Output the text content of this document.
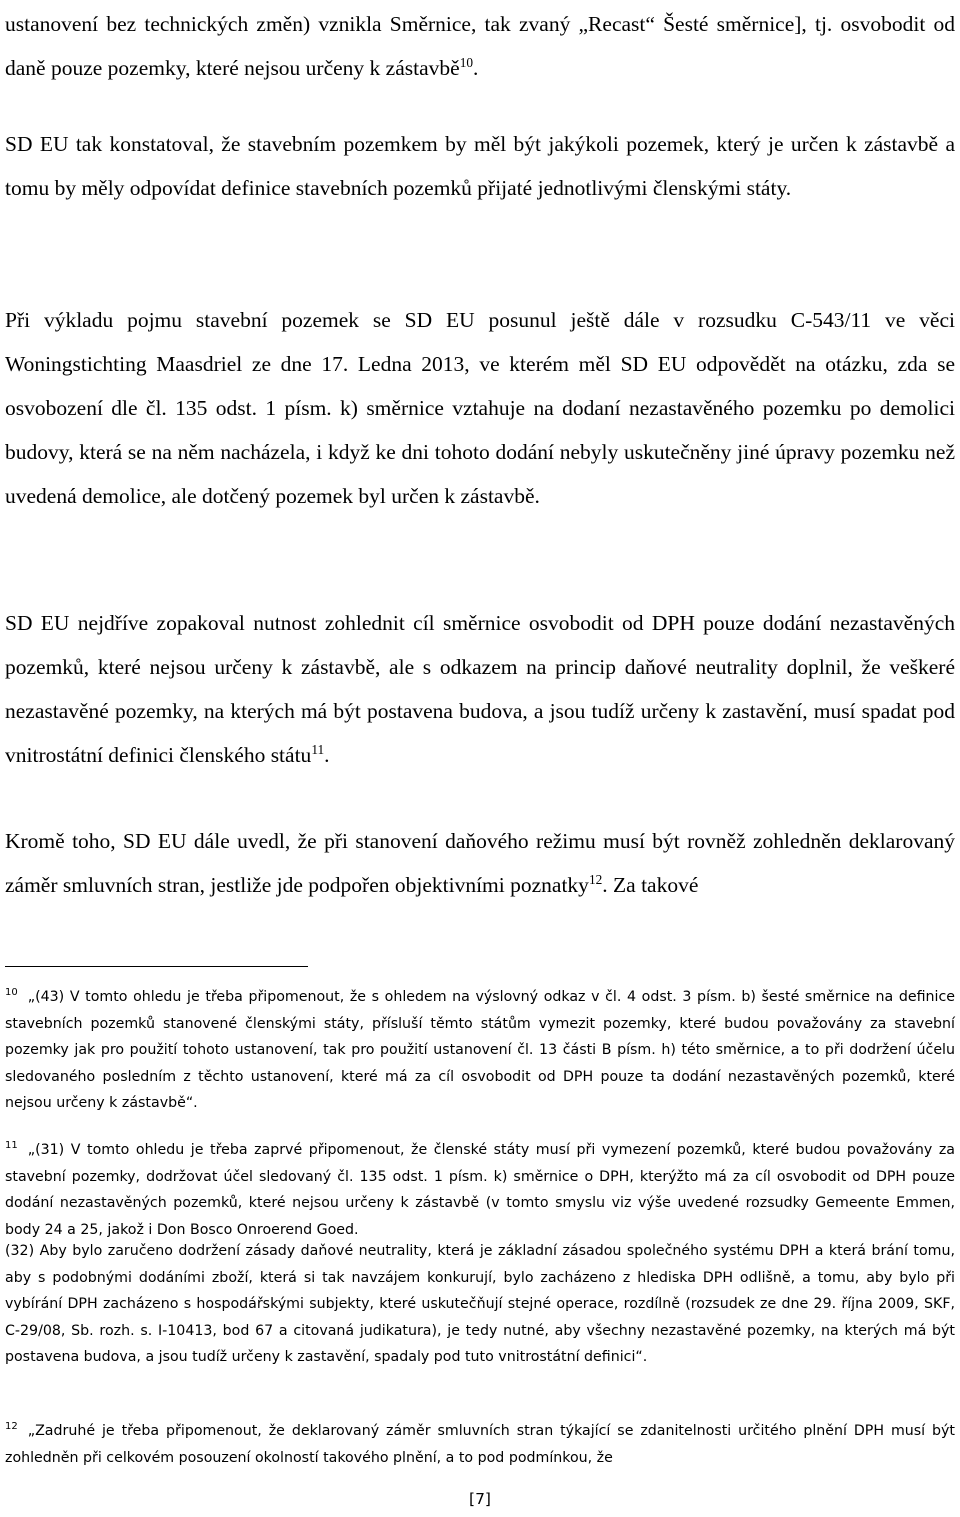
ustanovení bez technických změn) vznikla Směrnice, tak zvaný „Recast“ Šesté směrnice], tj. osvobodit od daně pouze pozemky, které nejsou určeny k zástavbě$^{10}$.

SD EU tak konstatoval, že stavebním pozemkem by měl být jakýkoli pozemek, který je určen k zástavbě a tomu by měly odpovídat definice stavebních pozemků přijaté jednotlivými členskými státy.

Při výkladu pojmu stavební pozemek se SD EU posunul ještě dále v rozsudku C-543/11 ve věci Woningstichting Maasdriel ze dne 17. Ledna 2013, ve kterém měl SD EU odpovědět na otázku, zda se osvobození dle čl. 135 odst. 1 písm. k) směrnice vztahuje na dodaní nezastavěného pozemku po demolici budovy, která se na něm nacházela, i když ke dni tohoto dodání nebyly uskutečněny jiné úpravy pozemku než uvedená demolice, ale dotčený pozemek byl určen k zástavbě.

SD EU nejdříve zopakoval nutnost zohlednit cíl směrnice osvobodit od DPH pouze dodání nezastavěných pozemků, které nejsou určeny k zástavbě, ale s odkazem na princip daňové neutrality doplnil, že veškeré nezastavěné pozemky, na kterých má být postavena budova, a jsou tudíž určeny k zastavění, musí spadat pod vnitrostátní definici členského státu$^{11}$.

Kromě toho, SD EU dále uvedl, že při stanovení daňového režimu musí být rovněž zohledněn deklarovaný záměr smluvních stran, jestliže jde podpořen objektivními poznatky$^{12}$. Za takové

$^{10}$ „(43) V tomto ohledu je třeba připomenout, že s ohledem na výslovný odkaz v čl. 4 odst. 3 písm. b) šesté směrnice na definice stavebních pozemků stanovené členskými státy, přísluší těmto státům vymezit pozemky, které budou považovány za stavební pozemky jak pro použití tohoto ustanovení, tak pro použití ustanovení čl. 13 části B písm. h) této směrnice, a to při dodržení účelu sledovaného posledním z těchto ustanovení, které má za cíl osvobodit od DPH pouze ta dodání nezastavěných pozemků, které nejsou určeny k zástavbě“.

$^{11}$ „(31) V tomto ohledu je třeba zaprvé připomenout, že členské státy musí při vymezení pozemků, které budou považovány za stavební pozemky, dodržovat účel sledovaný čl. 135 odst. 1 písm. k) směrnice o DPH, kterýžto má za cíl osvobodit od DPH pouze dodání nezastavěných pozemků, které nejsou určeny k zástavbě (v tomto smyslu viz výše uvedené rozsudky Gemeente Emmen, body 24 a 25, jakož i Don Bosco Onroerend Goed.

(32) Aby bylo zaručeno dodržení zásady daňové neutrality, která je základní zásadou společného systému DPH a která brání tomu, aby s podobnými dodáními zboží, která si tak navzájem konkurují, bylo zacházeno z hlediska DPH odlišně, a tomu, aby bylo při vybírání DPH zacházeno s hospodářskými subjekty, které uskutečňují stejné operace, rozdílně (rozsudek ze dne 29. října 2009, SKF, C-29/08, Sb. rozh. s. I-10413, bod 67 a citovaná judikatura), je tedy nutné, aby všechny nezastavěné pozemky, na kterých má být postavena budova, a jsou tudíž určeny k zastavění, spadaly pod tuto vnitrostátní definici“.

$^{12}$ „Zadruhé je třeba připomenout, že deklarovaný záměr smluvních stran týkající se zdanitelnosti určitého plnění DPH musí být zohledněn při celkovém posouzení okolností takového plnění, a to pod podmínkou, že

[7]
